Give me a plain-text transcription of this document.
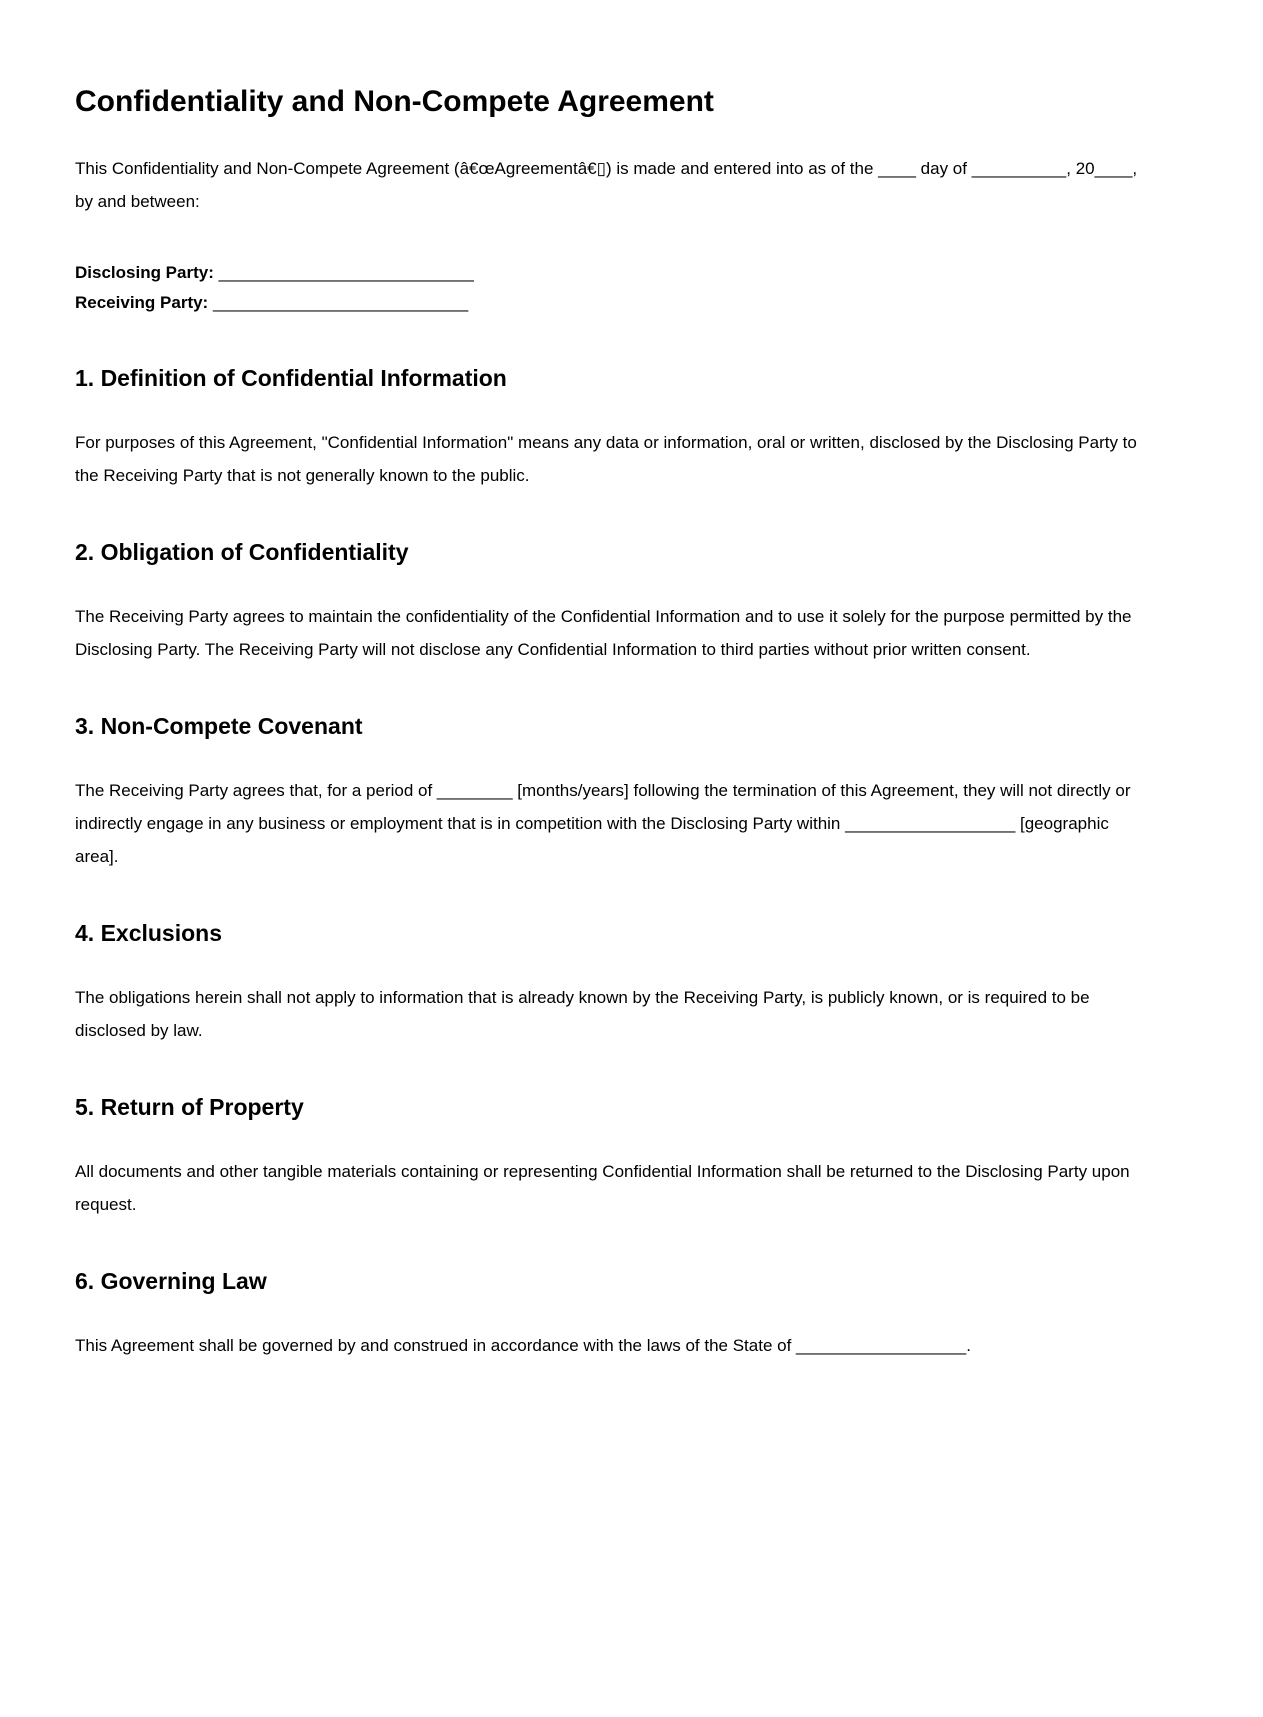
Confidentiality and Non-Compete Agreement

This Confidentiality and Non-Compete Agreement (â€œAgreementâ€▯) is made and entered into as of the ____ day of __________, 20____, by and between:

Disclosing Party: ___________________________

Receiving Party: ___________________________

1. Definition of Confidential Information

For purposes of this Agreement, "Confidential Information" means any data or information, oral or written, disclosed by the Disclosing Party to the Receiving Party that is not generally known to the public.

2. Obligation of Confidentiality

The Receiving Party agrees to maintain the confidentiality of the Confidential Information and to use it solely for the purpose permitted by the Disclosing Party. The Receiving Party will not disclose any Confidential Information to third parties without prior written consent.

3. Non-Compete Covenant

The Receiving Party agrees that, for a period of ________ [months/years] following the termination of this Agreement, they will not directly or indirectly engage in any business or employment that is in competition with the Disclosing Party within __________________ [geographic area].

4. Exclusions

The obligations herein shall not apply to information that is already known by the Receiving Party, is publicly known, or is required to be disclosed by law.

5. Return of Property

All documents and other tangible materials containing or representing Confidential Information shall be returned to the Disclosing Party upon request.

6. Governing Law

This Agreement shall be governed by and construed in accordance with the laws of the State of __________________.
